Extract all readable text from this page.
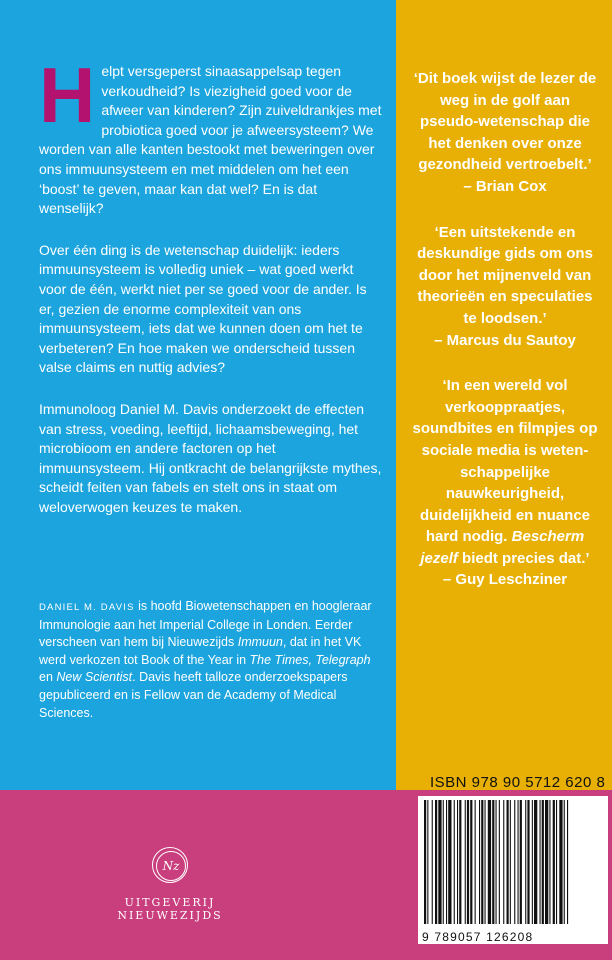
Helpt versgeperst sinaasappelsap tegen verkoudheid? Is viezigheid goed voor de afweer van kinderen? Zijn zuiveldrankjes met probiotica goed voor je afweersysteem? We worden van alle kanten bestookt met beweringen over ons immuunsysteem en met middelen om het een ‘boost’ te geven, maar kan dat wel? En is dat wenselijk?

Over één ding is de wetenschap duidelijk: ieders immuunsysteem is volledig uniek – wat goed werkt voor de één, werkt niet per se goed voor de ander. Is er, gezien de enorme complexiteit van ons immuunsysteem, iets dat we kunnen doen om het te verbeteren? En hoe maken we onderscheid tussen valse claims en nuttig advies?

Immunoloog Daniel M. Davis onderzoekt de effecten van stress, voeding, leeftijd, lichaamsbeweging, het microbioom en andere factoren op het immuunsysteem. Hij ontkracht de belangrijkste mythes, scheidt feiten van fabels en stelt ons in staat om weloverwogen keuzes te maken.

DANIEL M. DAVIS is hoofd Biowetenschappen en hoogleraar Immunologie aan het Imperial College in Londen. Eerder verscheen van hem bij Nieuwezijds Immuun, dat in het VK werd verkozen tot Book of the Year in The Times, Telegraph en New Scientist. Davis heeft talloze onderzoekspapers gepubliceerd en is Fellow van de Academy of Medical Sciences.
‘Dit boek wijst de lezer de weg in de golf aan pseudo-wetenschap die het denken over onze gezondheid vertroebelt.’
– Brian Cox
‘Een uitstekende en deskundige gids om ons door het mijnenveld van theorieën en speculaties te loodsen.’
– Marcus du Sautoy
‘In een wereld vol verkooppraatjes, soundbites en filmpjes op sociale media is weten-schappelijke nauwkeurigheid, duidelijkheid en nuance hard nodig. Bescherm jezelf biedt precies dat.’
– Guy Leschziner
Nz
UITGEVERIJ NIEUWEZIJDS
ISBN 978 90 5712 620 8
9 789057 126208
